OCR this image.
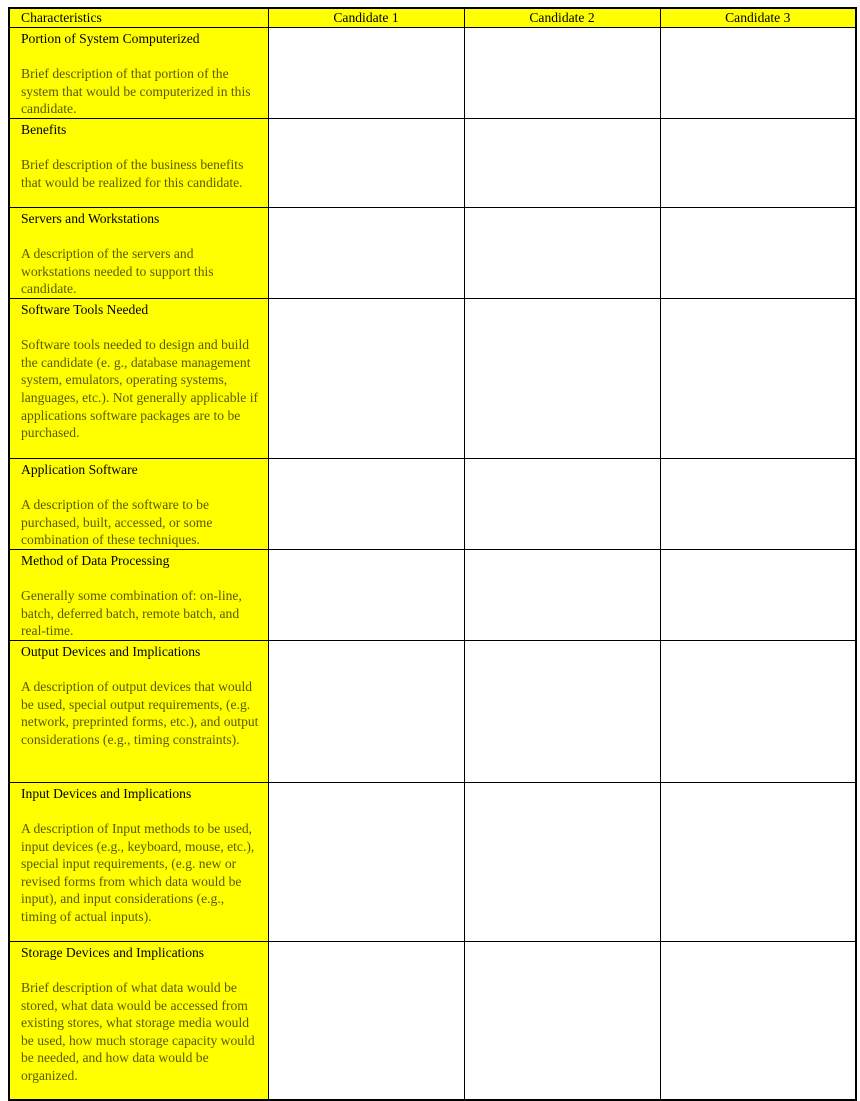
Characteristics	Candidate 1	Candidate 2	Candidate 3

Portion of System Computerized
Brief description of that portion of the system that would be computerized in this candidate.			

Benefits
Brief description of the business benefits that would be realized for this candidate.			

Servers and Workstations
A description of the servers and workstations needed to support this candidate.			

Software Tools Needed
Software tools needed to design and build the candidate (e. g., database management system, emulators, operating systems, languages, etc.). Not generally applicable if applications software packages are to be purchased.			

Application Software
A description of the software to be purchased, built, accessed, or some combination of these techniques.			

Method of Data Processing
Generally some combination of: on-line, batch, deferred batch, remote batch, and real-time.			

Output Devices and Implications
A description of output devices that would be used, special output requirements, (e.g. network, preprinted forms, etc.), and output considerations (e.g., timing constraints).			

Input Devices and Implications
A description of Input methods to be used, input devices (e.g., keyboard, mouse, etc.), special input requirements, (e.g. new or revised forms from which data would be input), and input considerations (e.g., timing of actual inputs).			

Storage Devices and Implications
Brief description of what data would be stored, what data would be accessed from existing stores, what storage media would be used, how much storage capacity would be needed, and how data would be organized.			
